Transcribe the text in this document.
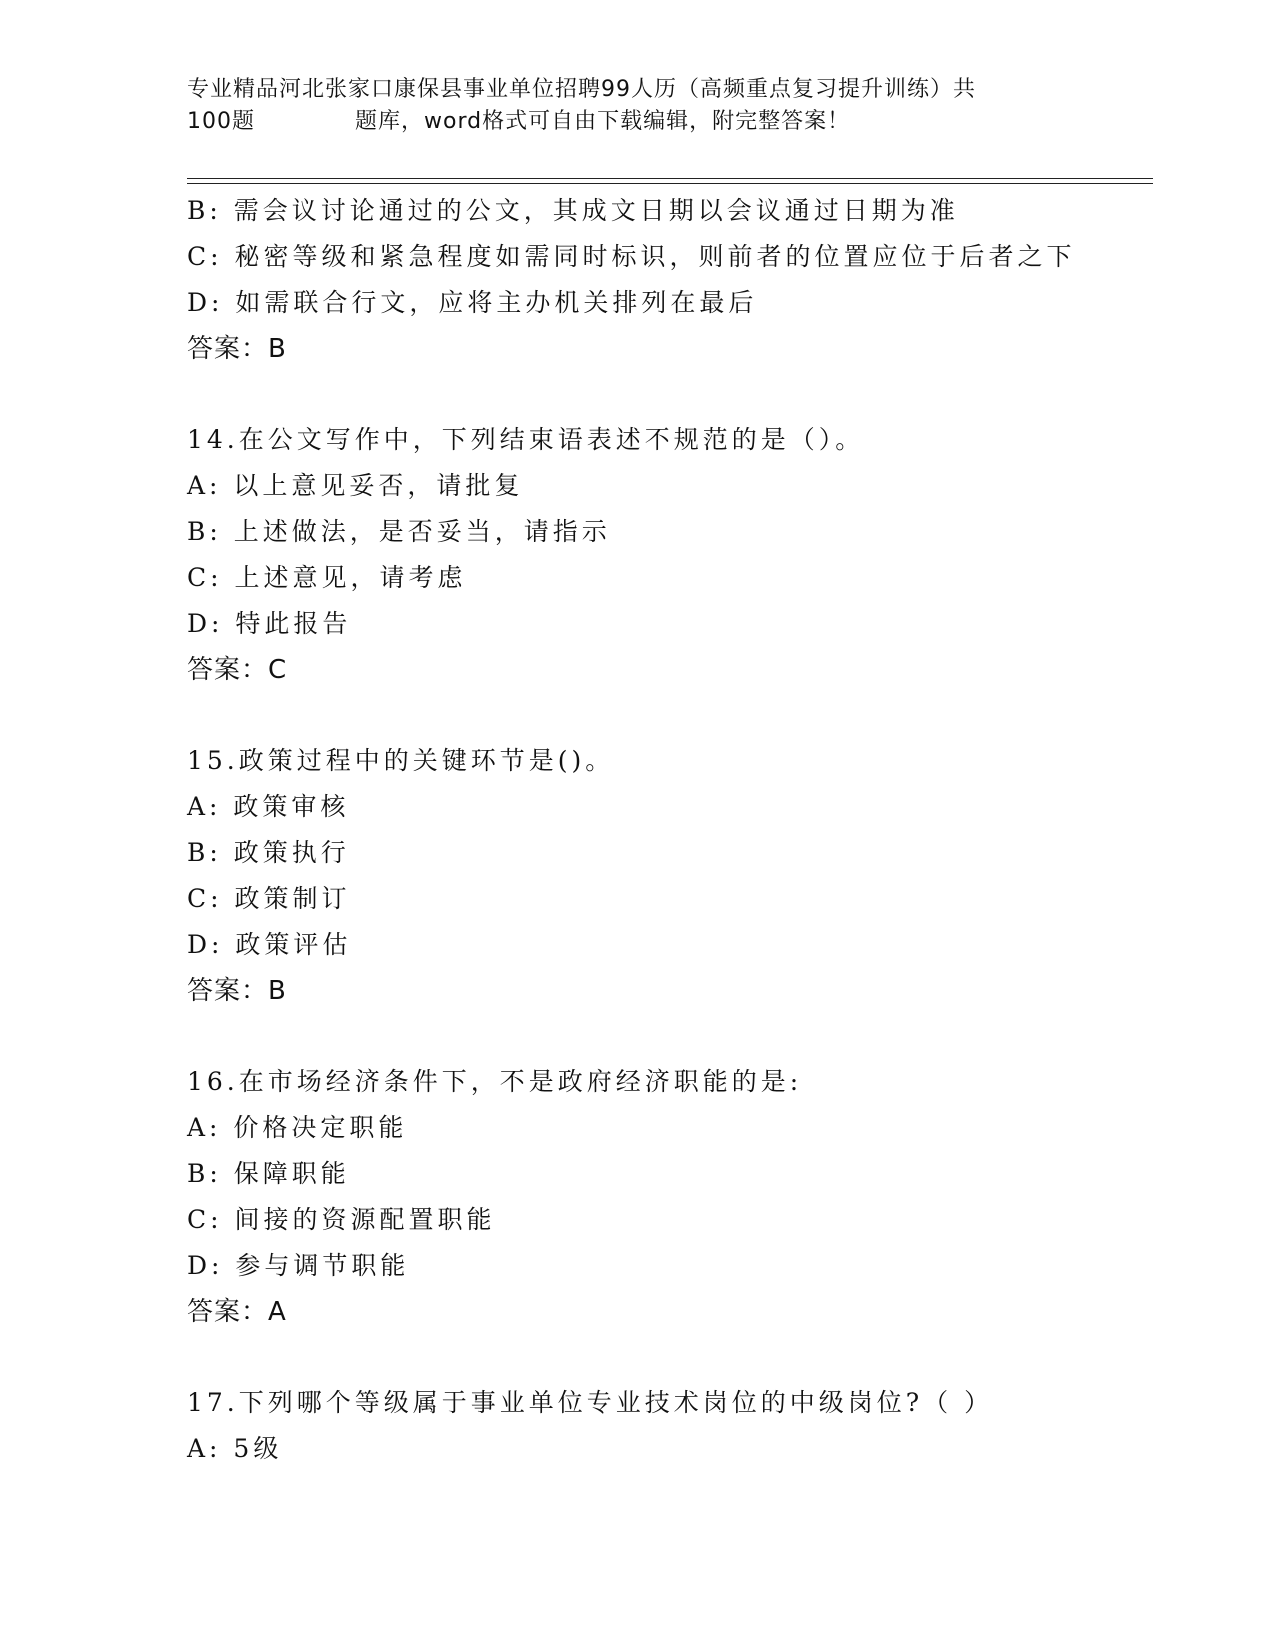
专业精品河北张家口康保县事业单位招聘99人历（高频重点复习提升训练）共
100题	题库，word格式可自由下载编辑，附完整答案！
B: 需会议讨论通过的公文，其成文日期以会议通过日期为准
C: 秘密等级和紧急程度如需同时标识，则前者的位置应位于后者之下
D: 如需联合行文，应将主办机关排列在最后
答案：B
14.在公文写作中，下列结束语表述不规范的是（）。
A: 以上意见妥否，请批复
B: 上述做法，是否妥当，请指示
C: 上述意见，请考虑
D: 特此报告
答案：C
15.政策过程中的关键环节是()。
A: 政策审核
B: 政策执行
C: 政策制订
D: 政策评估
答案：B
16.在市场经济条件下，不是政府经济职能的是:
A: 价格决定职能
B: 保障职能
C: 间接的资源配置职能
D: 参与调节职能
答案：A
17.下列哪个等级属于事业单位专业技术岗位的中级岗位?（ ）
A: 5级
